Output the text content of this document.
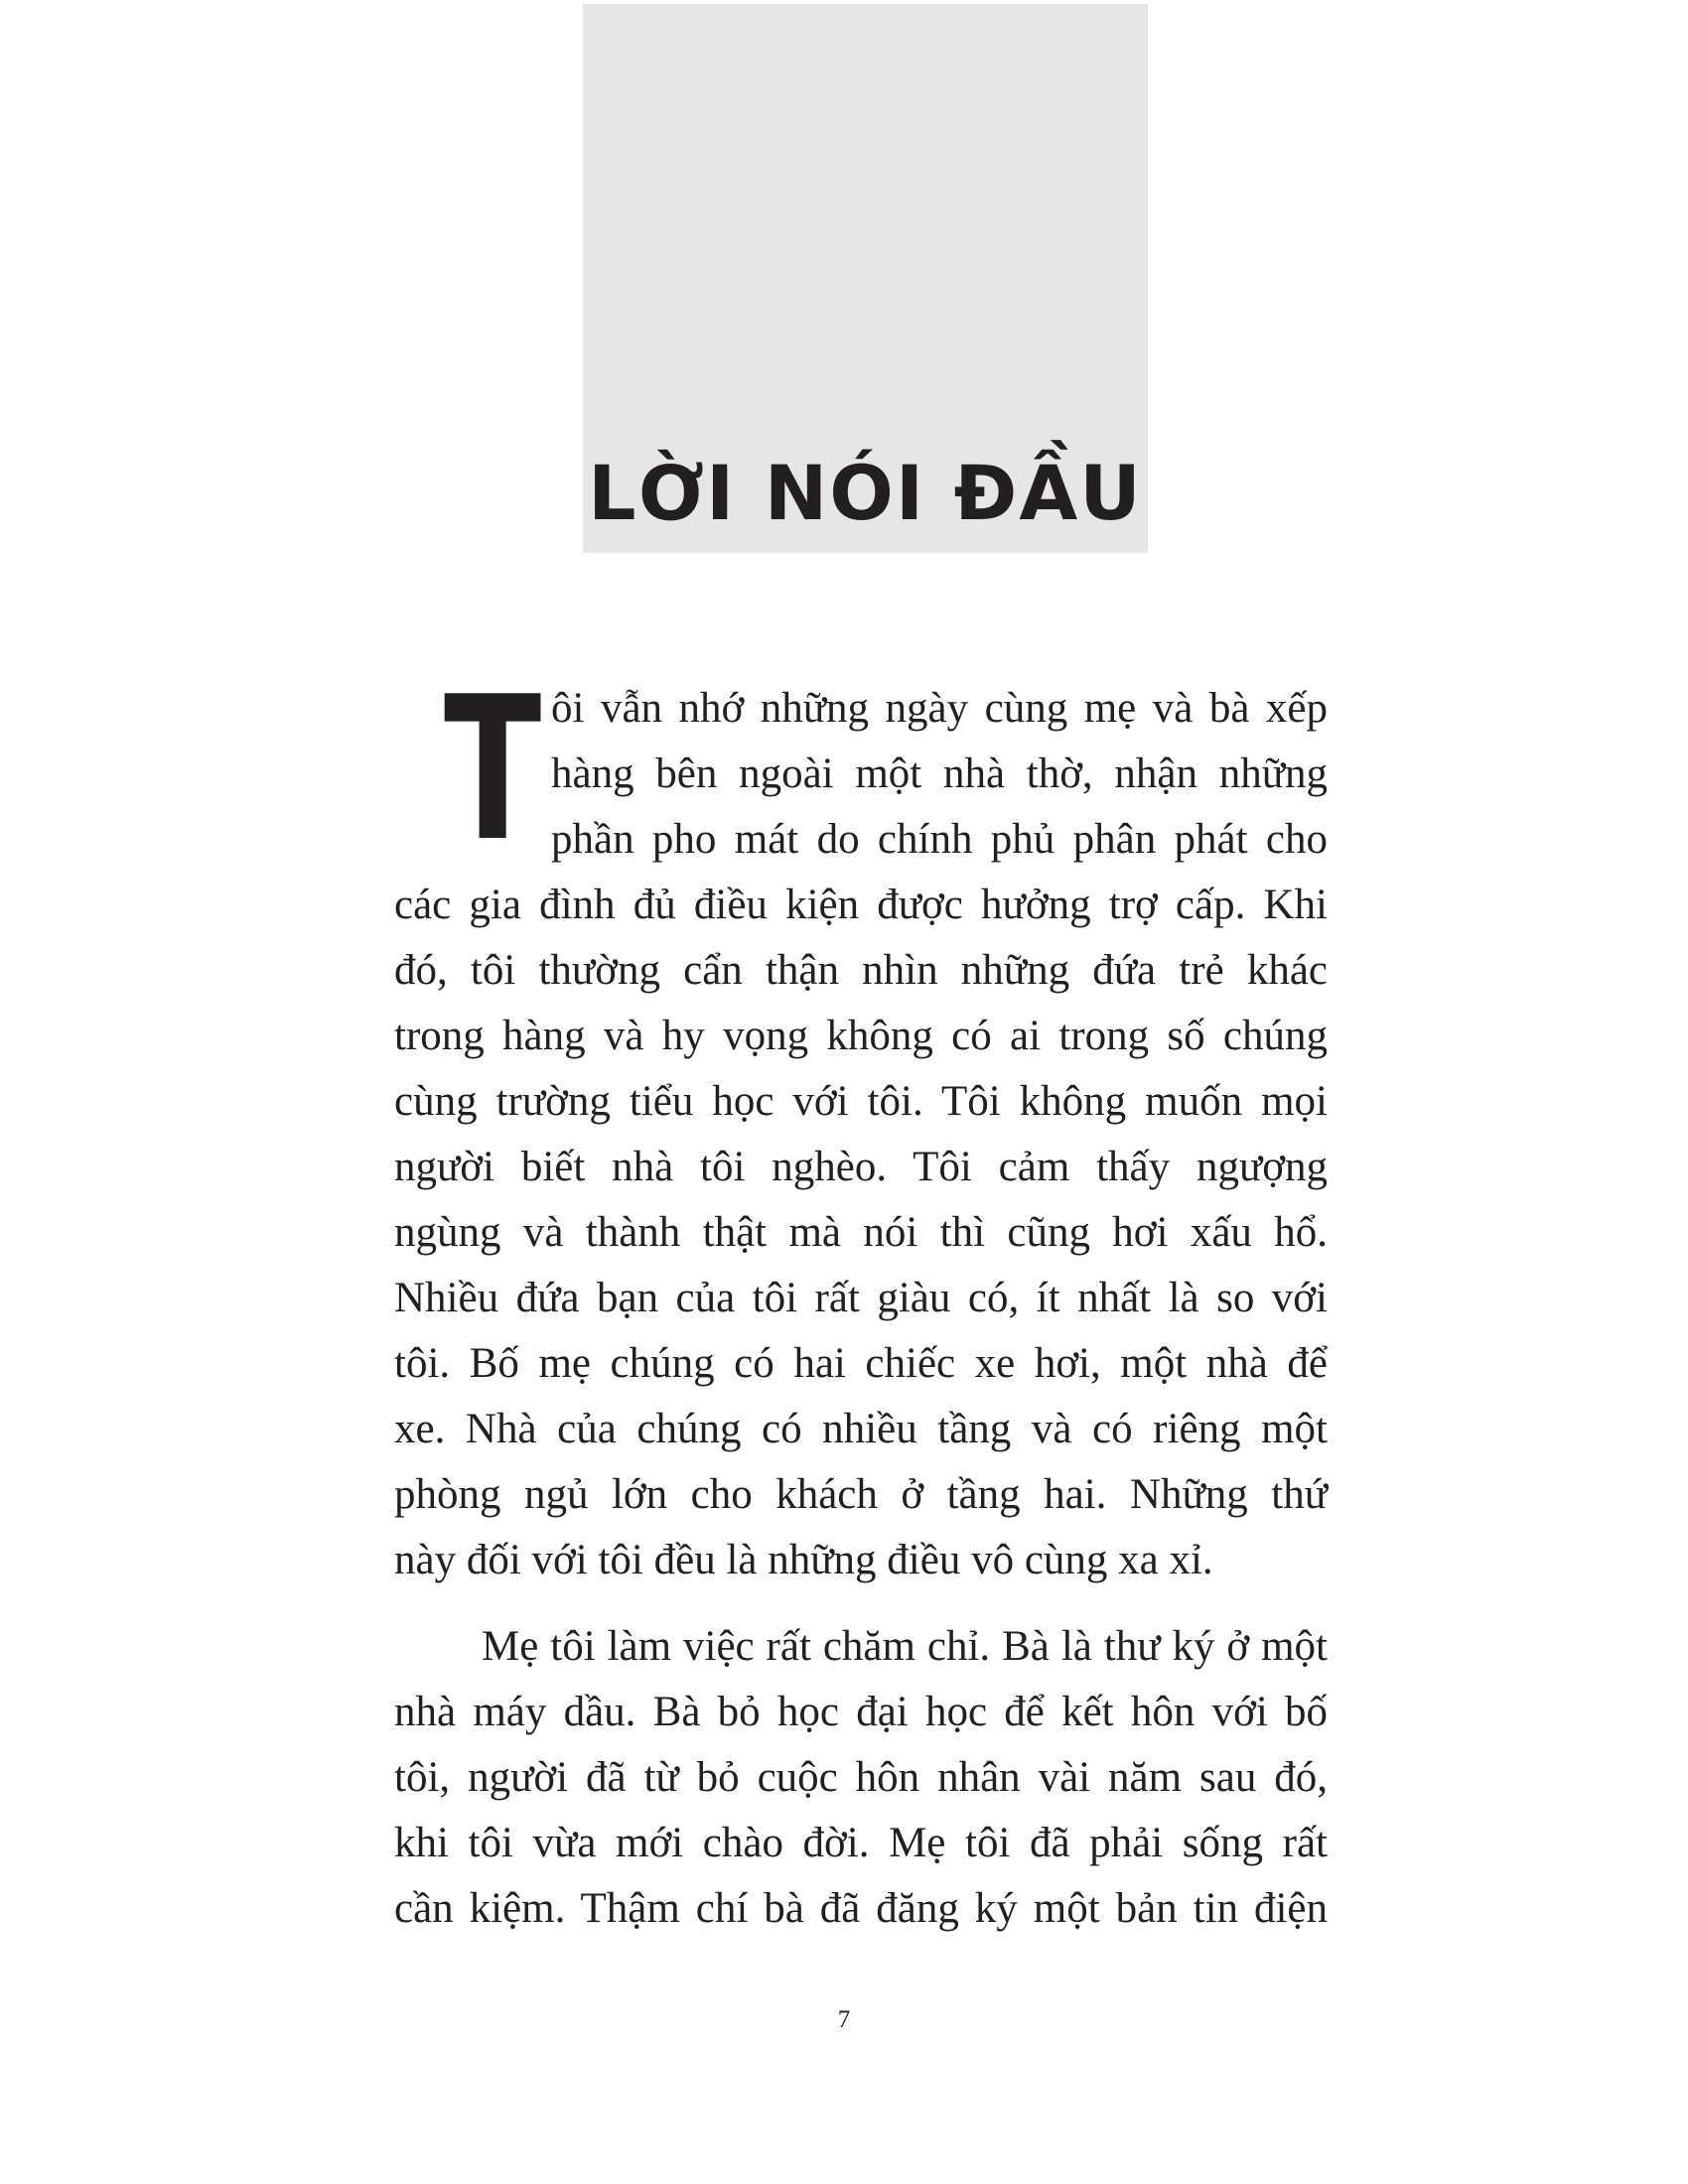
LỜI NÓI ĐẦU
T ôi vẫn nhớ những ngày cùng mẹ và bà xếp
hàng bên ngoài một nhà thờ, nhận những
phần pho mát do chính phủ phân phát cho
các gia đình đủ điều kiện được hưởng trợ cấp. Khi
đó, tôi thường cẩn thận nhìn những đứa trẻ khác
trong hàng và hy vọng không có ai trong số chúng
cùng trường tiểu học với tôi. Tôi không muốn mọi
người biết nhà tôi nghèo. Tôi cảm thấy ngượng
ngùng và thành thật mà nói thì cũng hơi xấu hổ.
Nhiều đứa bạn của tôi rất giàu có, ít nhất là so với
tôi. Bố mẹ chúng có hai chiếc xe hơi, một nhà để
xe. Nhà của chúng có nhiều tầng và có riêng một
phòng ngủ lớn cho khách ở tầng hai. Những thứ
này đối với tôi đều là những điều vô cùng xa xỉ.
Mẹ tôi làm việc rất chăm chỉ. Bà là thư ký ở một
nhà máy dầu. Bà bỏ học đại học để kết hôn với bố
tôi, người đã từ bỏ cuộc hôn nhân vài năm sau đó,
khi tôi vừa mới chào đời. Mẹ tôi đã phải sống rất
cần kiệm. Thậm chí bà đã đăng ký một bản tin điện
7
